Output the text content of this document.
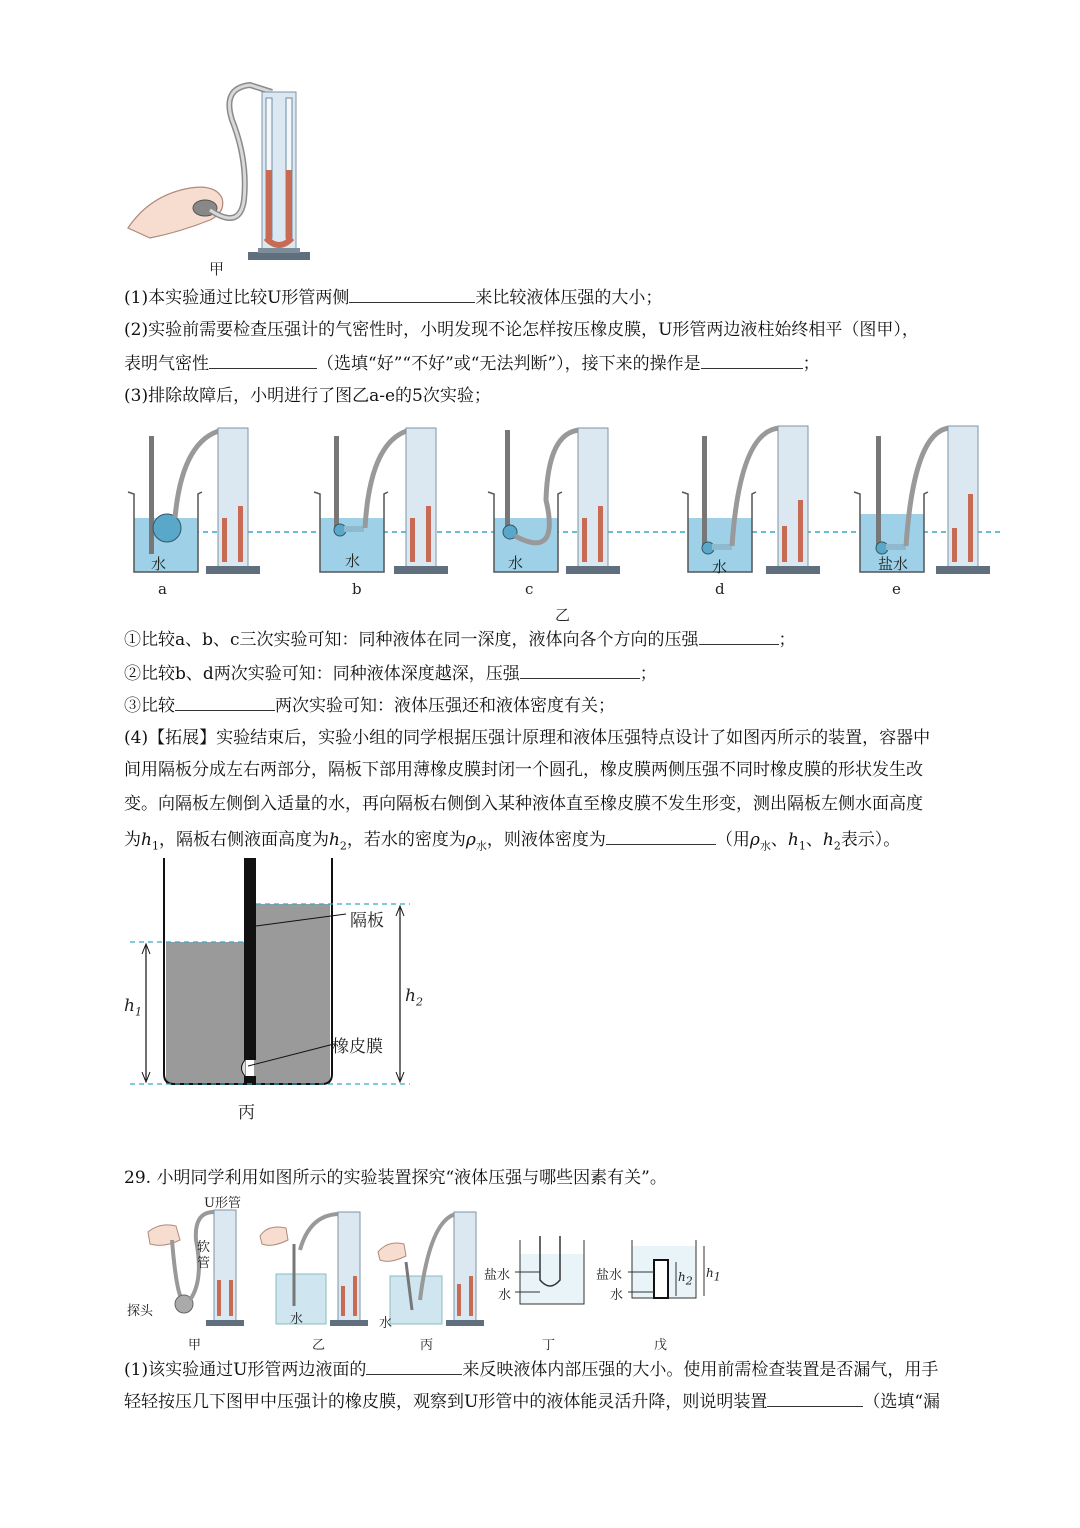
甲
(1)本实验通过比较U形管两侧	来比较液体压强的大小；
(2)实验前需要检查压强计的气密性时，小明发现不论怎样按压橡皮膜，U形管两边液柱始终相平（图甲），
表明气密性	（选填“好”“不好”或“无法判断”），接下来的操作是	；
(3)排除故障后，小明进行了图乙a-e的5次实验；
水	水	水	水	盐水
a	b	c	d	e
乙
①比较a、b、c三次实验可知：同种液体在同一深度，液体向各个方向的压强	；
②比较b、d两次实验可知：同种液体深度越深，压强	；
③比较	两次实验可知：液体压强还和液体密度有关；
(4)【拓展】实验结束后，实验小组的同学根据压强计原理和液体压强特点设计了如图丙所示的装置，容器中
间用隔板分成左右两部分，隔板下部用薄橡皮膜封闭一个圆孔，橡皮膜两侧压强不同时橡皮膜的形状发生改
变。向隔板左侧倒入适量的水，再向隔板右侧倒入某种液体直至橡皮膜不发生形变，测出隔板左侧水面高度
为$h_1$，隔板右侧液面高度为$h_2$，若水的密度为$\rho_水$，则液体密度为	（用$\rho_水$、$h_1$、$h_2$表示）。
隔板
橡皮膜
$h_1$
$h_2$
丙
29. 小明同学利用如图所示的实验装置探究“液体压强与哪些因素有关”。
U形管
软管
探头
水	水
盐水
水
盐水
水
$h_2$
$h_1$
甲	乙	丙	丁	戊
(1)该实验通过U形管两边液面的	来反映液体内部压强的大小。使用前需检查装置是否漏气，用手
轻轻按压几下图甲中压强计的橡皮膜，观察到U形管中的液体能灵活升降，则说明装置	（选填“漏
